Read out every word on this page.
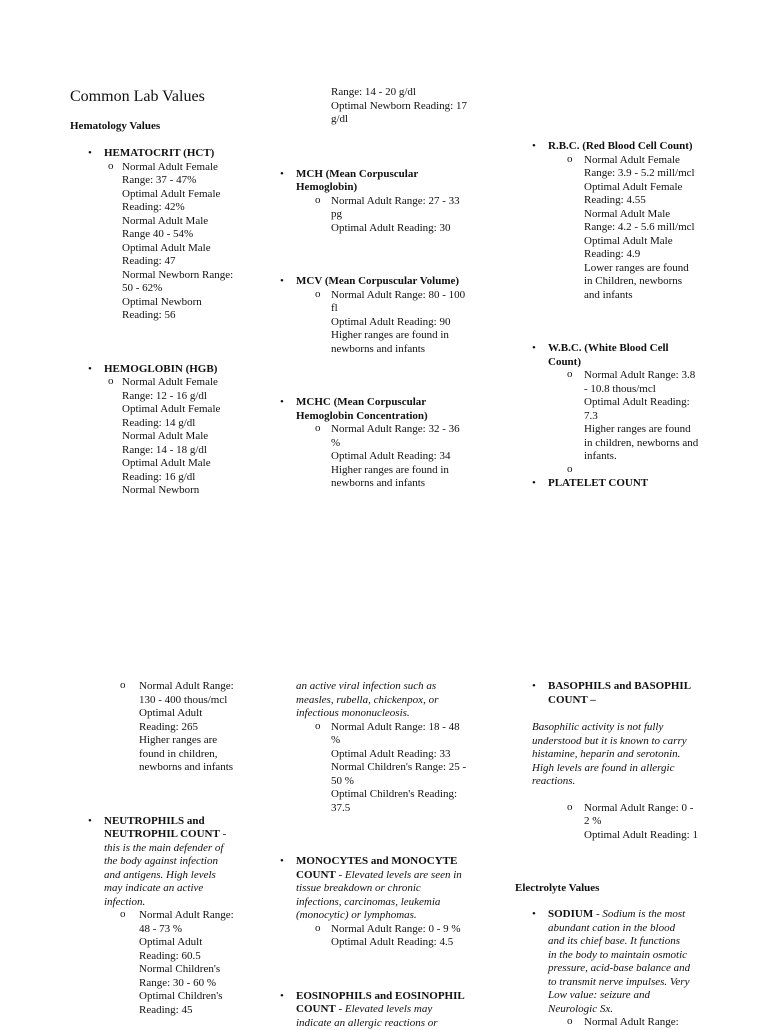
Common Lab Values
Hematology Values
• HEMATOCRIT (HCT)
o Normal Adult Female
Range: 37 - 47%
Optimal Adult Female
Reading: 42%
Normal Adult Male
Range 40 - 54%
Optimal Adult Male
Reading: 47
Normal Newborn Range:
50 - 62%
Optimal Newborn
Reading: 56
• HEMOGLOBIN (HGB)
o Normal Adult Female
Range: 12 - 16 g/dl
Optimal Adult Female
Reading: 14 g/dl
Normal Adult Male
Range: 14 - 18 g/dl
Optimal Adult Male
Reading: 16 g/dl
Normal Newborn
Range: 14 - 20 g/dl
Optimal Newborn Reading: 17
g/dl
• MCH (Mean Corpuscular
Hemoglobin)
o Normal Adult Range: 27 - 33
pg
Optimal Adult Reading: 30
• MCV (Mean Corpuscular Volume)
o Normal Adult Range: 80 - 100
fl
Optimal Adult Reading: 90
Higher ranges are found in
newborns and infants
• MCHC (Mean Corpuscular
Hemoglobin Concentration)
o Normal Adult Range: 32 - 36
%
Optimal Adult Reading: 34
Higher ranges are found in
newborns and infants
• R.B.C. (Red Blood Cell Count)
o Normal Adult Female
Range: 3.9 - 5.2 mill/mcl
Optimal Adult Female
Reading: 4.55
Normal Adult Male
Range: 4.2 - 5.6 mill/mcl
Optimal Adult Male
Reading: 4.9
Lower ranges are found
in Children, newborns
and infants
• W.B.C. (White Blood Cell
Count)
o Normal Adult Range: 3.8
- 10.8 thous/mcl
Optimal Adult Reading:
7.3
Higher ranges are found
in children, newborns and
infants.
o
• PLATELET COUNT
o Normal Adult Range:
130 - 400 thous/mcl
Optimal Adult
Reading: 265
Higher ranges are
found in children,
newborns and infants
• NEUTROPHILS and
NEUTROPHIL COUNT -
this is the main defender of
the body against infection
and antigens. High levels
may indicate an active
infection.
o Normal Adult Range:
48 - 73 %
Optimal Adult
Reading: 60.5
Normal Children's
Range: 30 - 60 %
Optimal Children's
Reading: 45
an active viral infection such as
measles, rubella, chickenpox, or
infectious mononucleosis.
o Normal Adult Range: 18 - 48
%
Optimal Adult Reading: 33
Normal Children's Range: 25 -
50 %
Optimal Children's Reading:
37.5
• MONOCYTES and MONOCYTE
COUNT - Elevated levels are seen in
tissue breakdown or chronic
infections, carcinomas, leukemia
(monocytic) or lymphomas.
o Normal Adult Range: 0 - 9 %
Optimal Adult Reading: 4.5
• EOSINOPHILS and EOSINOPHIL
COUNT - Elevated levels may
indicate an allergic reactions or
• BASOPHILS and BASOPHIL
COUNT –
Basophilic activity is not fully
understood but it is known to carry
histamine, heparin and serotonin.
High levels are found in allergic
reactions.
o Normal Adult Range: 0 -
2 %
Optimal Adult Reading: 1
Electrolyte Values
• SODIUM - Sodium is the most
abundant cation in the blood
and its chief base. It functions
in the body to maintain osmotic
pressure, acid-base balance and
to transmit nerve impulses. Very
Low value: seizure and
Neurologic Sx.
o Normal Adult Range:
